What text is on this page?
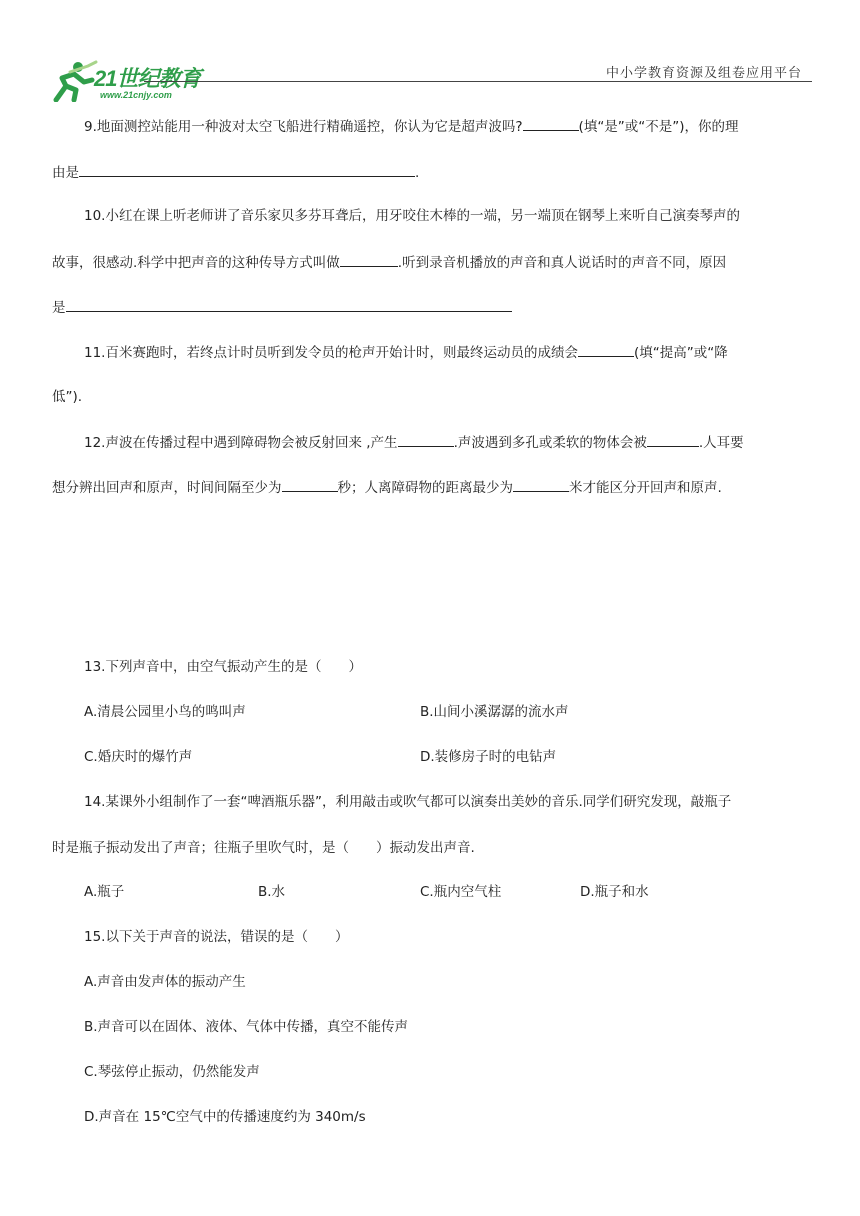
21世纪教育
www.21cnjy.com
中小学教育资源及组卷应用平台
9.地面测控站能用一种波对太空飞船进行精确遥控，你认为它是超声波吗?	(填“是”或“不是”)，你的理
由是	.
10.小红在课上听老师讲了音乐家贝多芬耳聋后，用牙咬住木棒的一端，另一端顶在钢琴上来听自己演奏琴声的
故事，很感动.科学中把声音的这种传导方式叫做	.听到录音机播放的声音和真人说话时的声音不同，原因
是
11.百米赛跑时，若终点计时员听到发令员的枪声开始计时，则最终运动员的成绩会	(填“提高”或“降
低”).
12.声波在传播过程中遇到障碍物会被反射回来 ,产生	.声波遇到多孔或柔软的物体会被	.人耳要
想分辨出回声和原声，时间间隔至少为	秒；人离障碍物的距离最少为	米才能区分开回声和原声.
13.下列声音中，由空气振动产生的是（　　）
A.清晨公园里小鸟的鸣叫声	B.山间小溪潺潺的流水声
C.婚庆时的爆竹声	D.装修房子时的电钻声
14.某课外小组制作了一套“啤酒瓶乐器”，利用敲击或吹气都可以演奏出美妙的音乐.同学们研究发现，敲瓶子
时是瓶子振动发出了声音；往瓶子里吹气时，是（　　）振动发出声音.
A.瓶子	B.水	C.瓶内空气柱	D.瓶子和水
15.以下关于声音的说法，错误的是（　　）
A.声音由发声体的振动产生
B.声音可以在固体、液体、气体中传播，真空不能传声
C.琴弦停止振动，仍然能发声
D.声音在 15℃空气中的传播速度约为 340m/s
